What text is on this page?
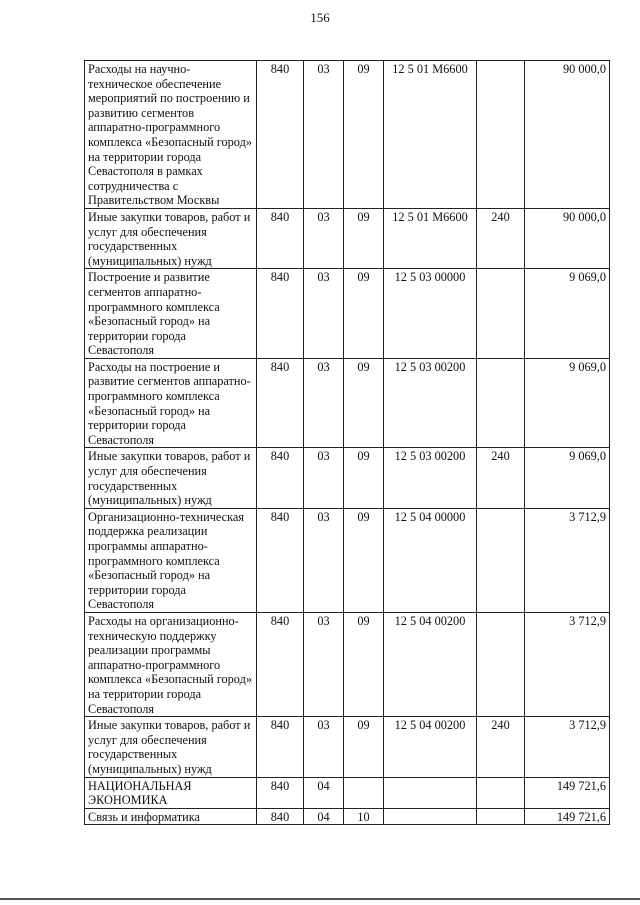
156
Расходы на научно-техническое обеспечение мероприятий по построению и развитию сегментов аппаратно-программного комплекса «Безопасный город» на территории города Севастополя в рамках сотрудничества с Правительством Москвы	840	03	09	12 5 01 М6600		90 000,0
Иные закупки товаров, работ и услуг для обеспечения государственных (муниципальных) нужд	840	03	09	12 5 01 М6600	240	90 000,0
Построение и развитие сегментов аппаратно-программного комплекса «Безопасный город» на территории города Севастополя	840	03	09	12 5 03 00000		9 069,0
Расходы на построение и развитие сегментов аппаратно-программного комплекса «Безопасный город» на территории города Севастополя	840	03	09	12 5 03 00200		9 069,0
Иные закупки товаров, работ и услуг для обеспечения государственных (муниципальных) нужд	840	03	09	12 5 03 00200	240	9 069,0
Организационно-техническая поддержка реализации программы аппаратно-программного комплекса «Безопасный город» на территории города Севастополя	840	03	09	12 5 04 00000		3 712,9
Расходы на организационно-техническую поддержку реализации программы аппаратно-программного комплекса «Безопасный город» на территории города Севастополя	840	03	09	12 5 04 00200		3 712,9
Иные закупки товаров, работ и услуг для обеспечения государственных (муниципальных) нужд	840	03	09	12 5 04 00200	240	3 712,9
НАЦИОНАЛЬНАЯ ЭКОНОМИКА	840	04				149 721,6
Связь и информатика	840	04	10			149 721,6
